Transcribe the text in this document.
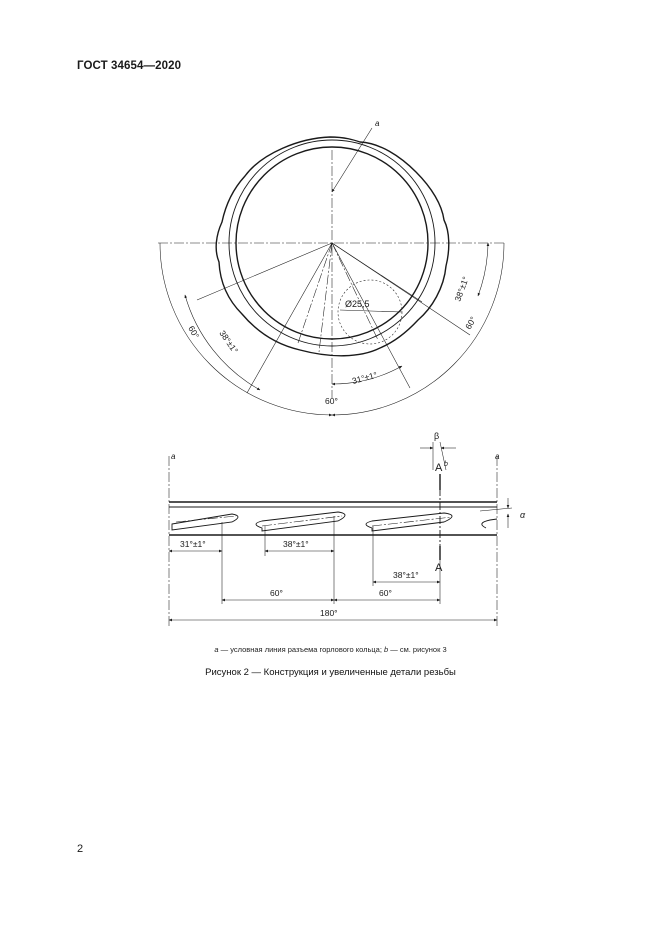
ГОСТ 34654—2020
a
Ø25,5
60° 38°±1°
38°±1°
60°
31°±1°
60°
a	a
A b
A
β
α
31°±1°	38°±1°
38°±1°
60°	60°
180°
a — условная линия разъема горлового кольца; b — см. рисунок 3
Рисунок 2 — Конструкция и увеличенные детали резьбы
2
